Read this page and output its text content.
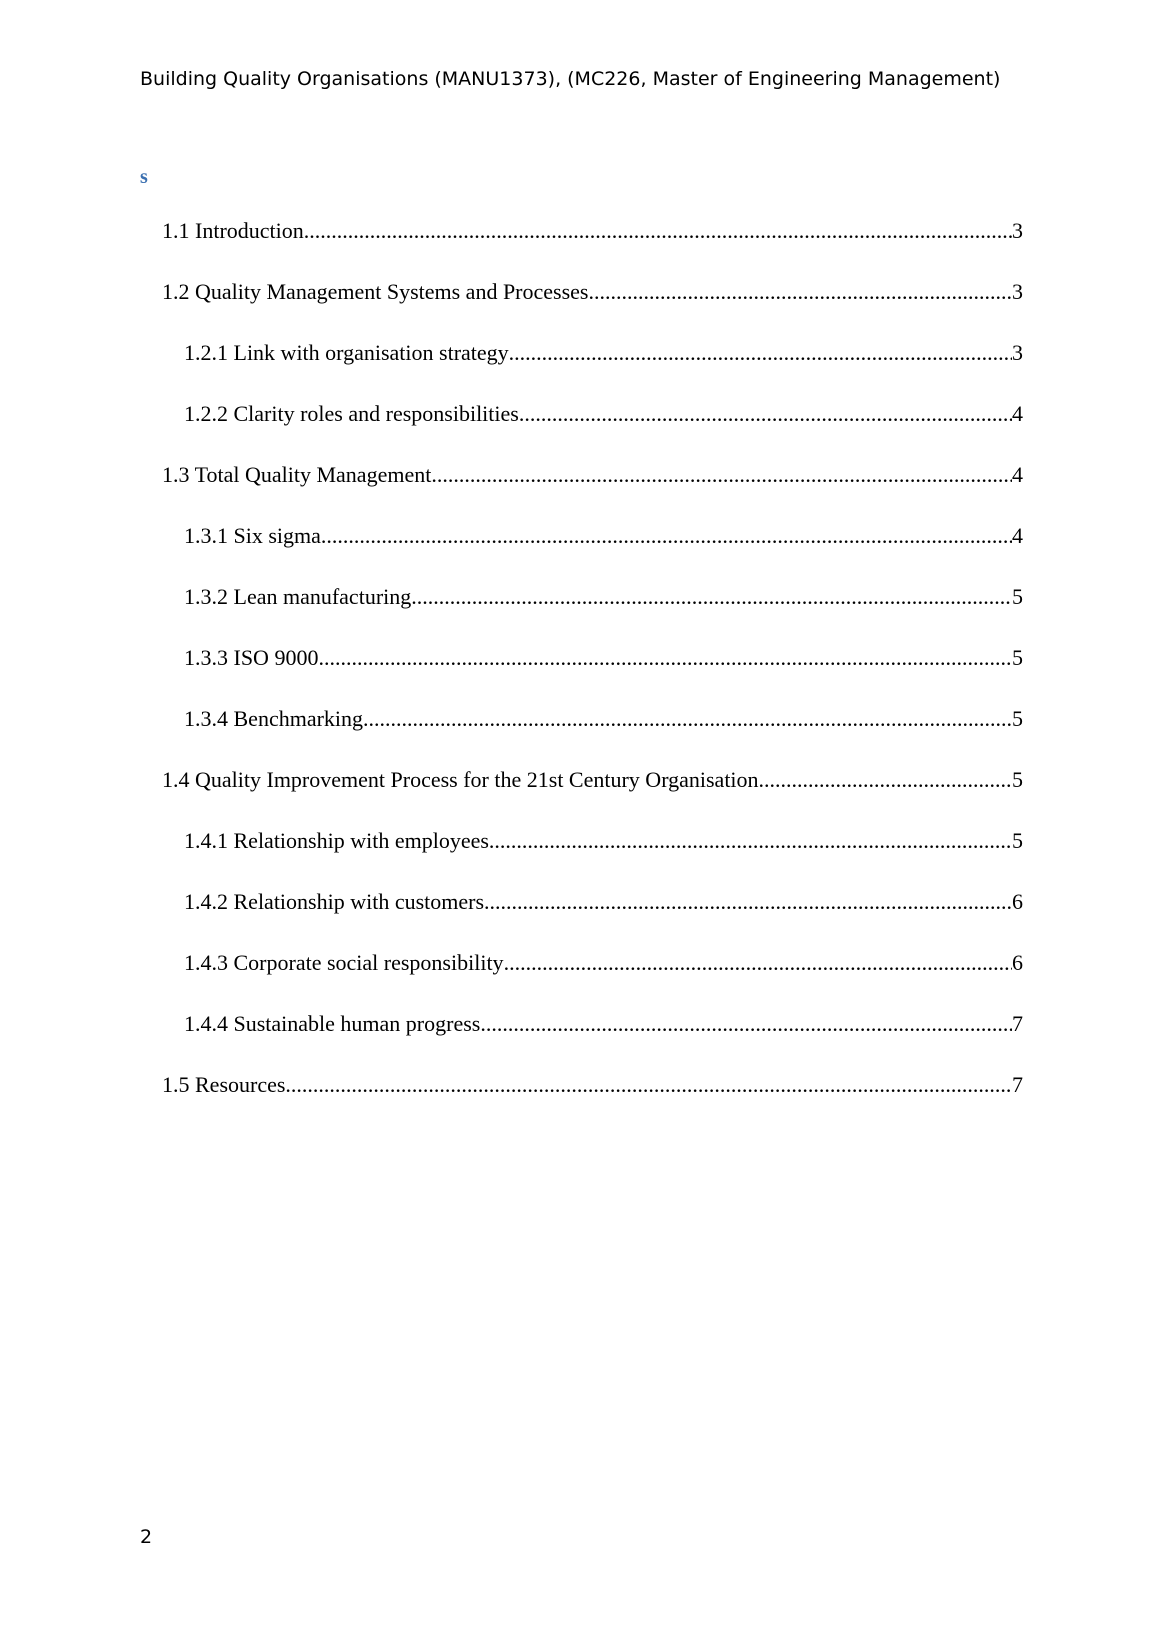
Building Quality Organisations (MANU1373), (MC226, Master of Engineering Management)
s
1.1 Introduction .....	3
1.2 Quality Management Systems and Processes .....	3
1.2.1 Link with organisation strategy .....	3
1.2.2 Clarity roles and responsibilities .....	4
1.3 Total Quality Management .....	4
1.3.1 Six sigma .....	4
1.3.2 Lean manufacturing .....	5
1.3.3 ISO 9000 .....	5
1.3.4 Benchmarking .....	5
1.4 Quality Improvement Process for the 21st Century Organisation .....	5
1.4.1 Relationship with employees .....	5
1.4.2 Relationship with customers .....	6
1.4.3 Corporate social responsibility .....	6
1.4.4 Sustainable human progress .....	7
1.5 Resources .....	7
2
